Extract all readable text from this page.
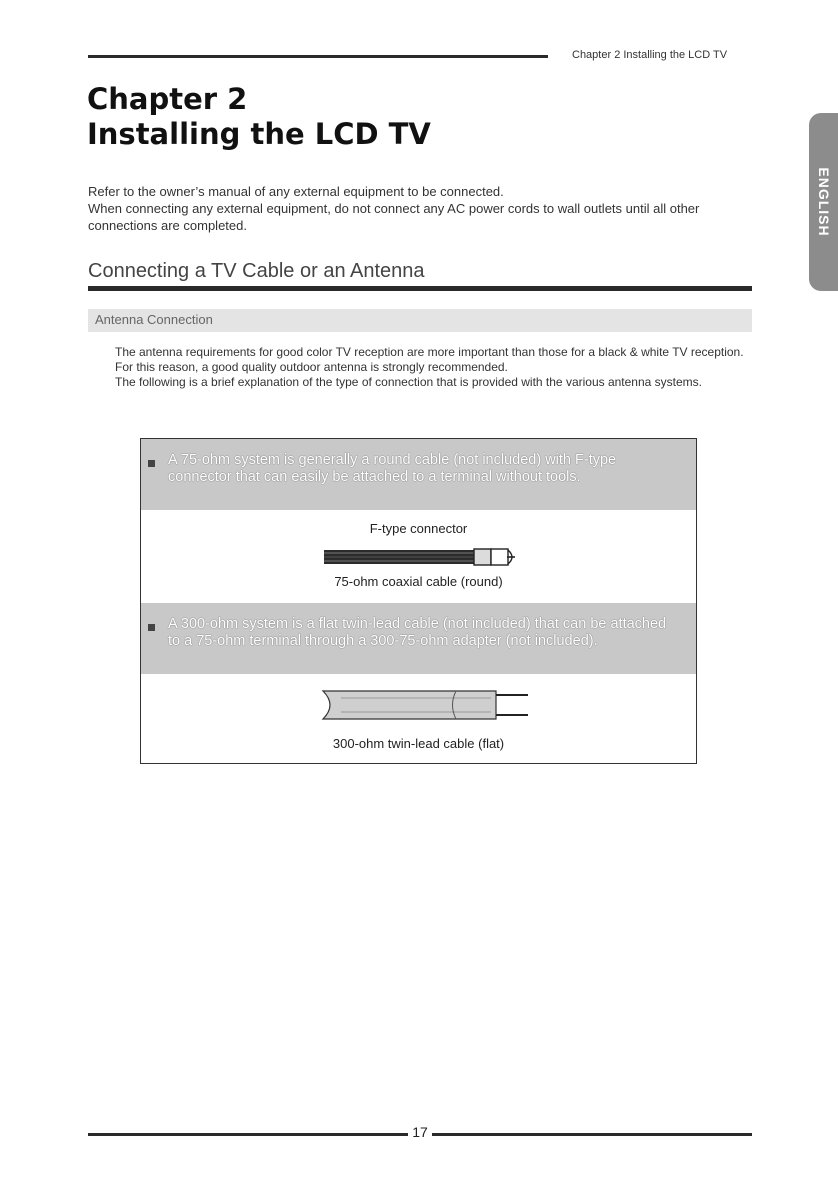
Chapter 2 Installing the LCD TV
Chapter 2
Installing the LCD TV
ENGLISH

Refer to the owner’s manual of any external equipment to be connected.

When connecting any external equipment, do not connect any AC power cords to wall outlets until all other connections are completed.

Connecting a TV Cable or an Antenna
Antenna Connection

The antenna requirements for good color TV reception are more important than those for a black & white TV reception. For this reason, a good quality outdoor antenna is strongly recommended.

The following is a brief explanation of the type of connection that is provided with the various antenna systems.

A 75-ohm system is generally a round cable (not included) with F-type connector that can easily be attached to a terminal without tools.
F-type connector
75-ohm coaxial cable (round)
A 300-ohm system is a flat twin-lead cable (not included) that can be attached to a 75-ohm terminal through a 300-75-ohm adapter (not included).
300-ohm twin-lead cable (flat)
17
